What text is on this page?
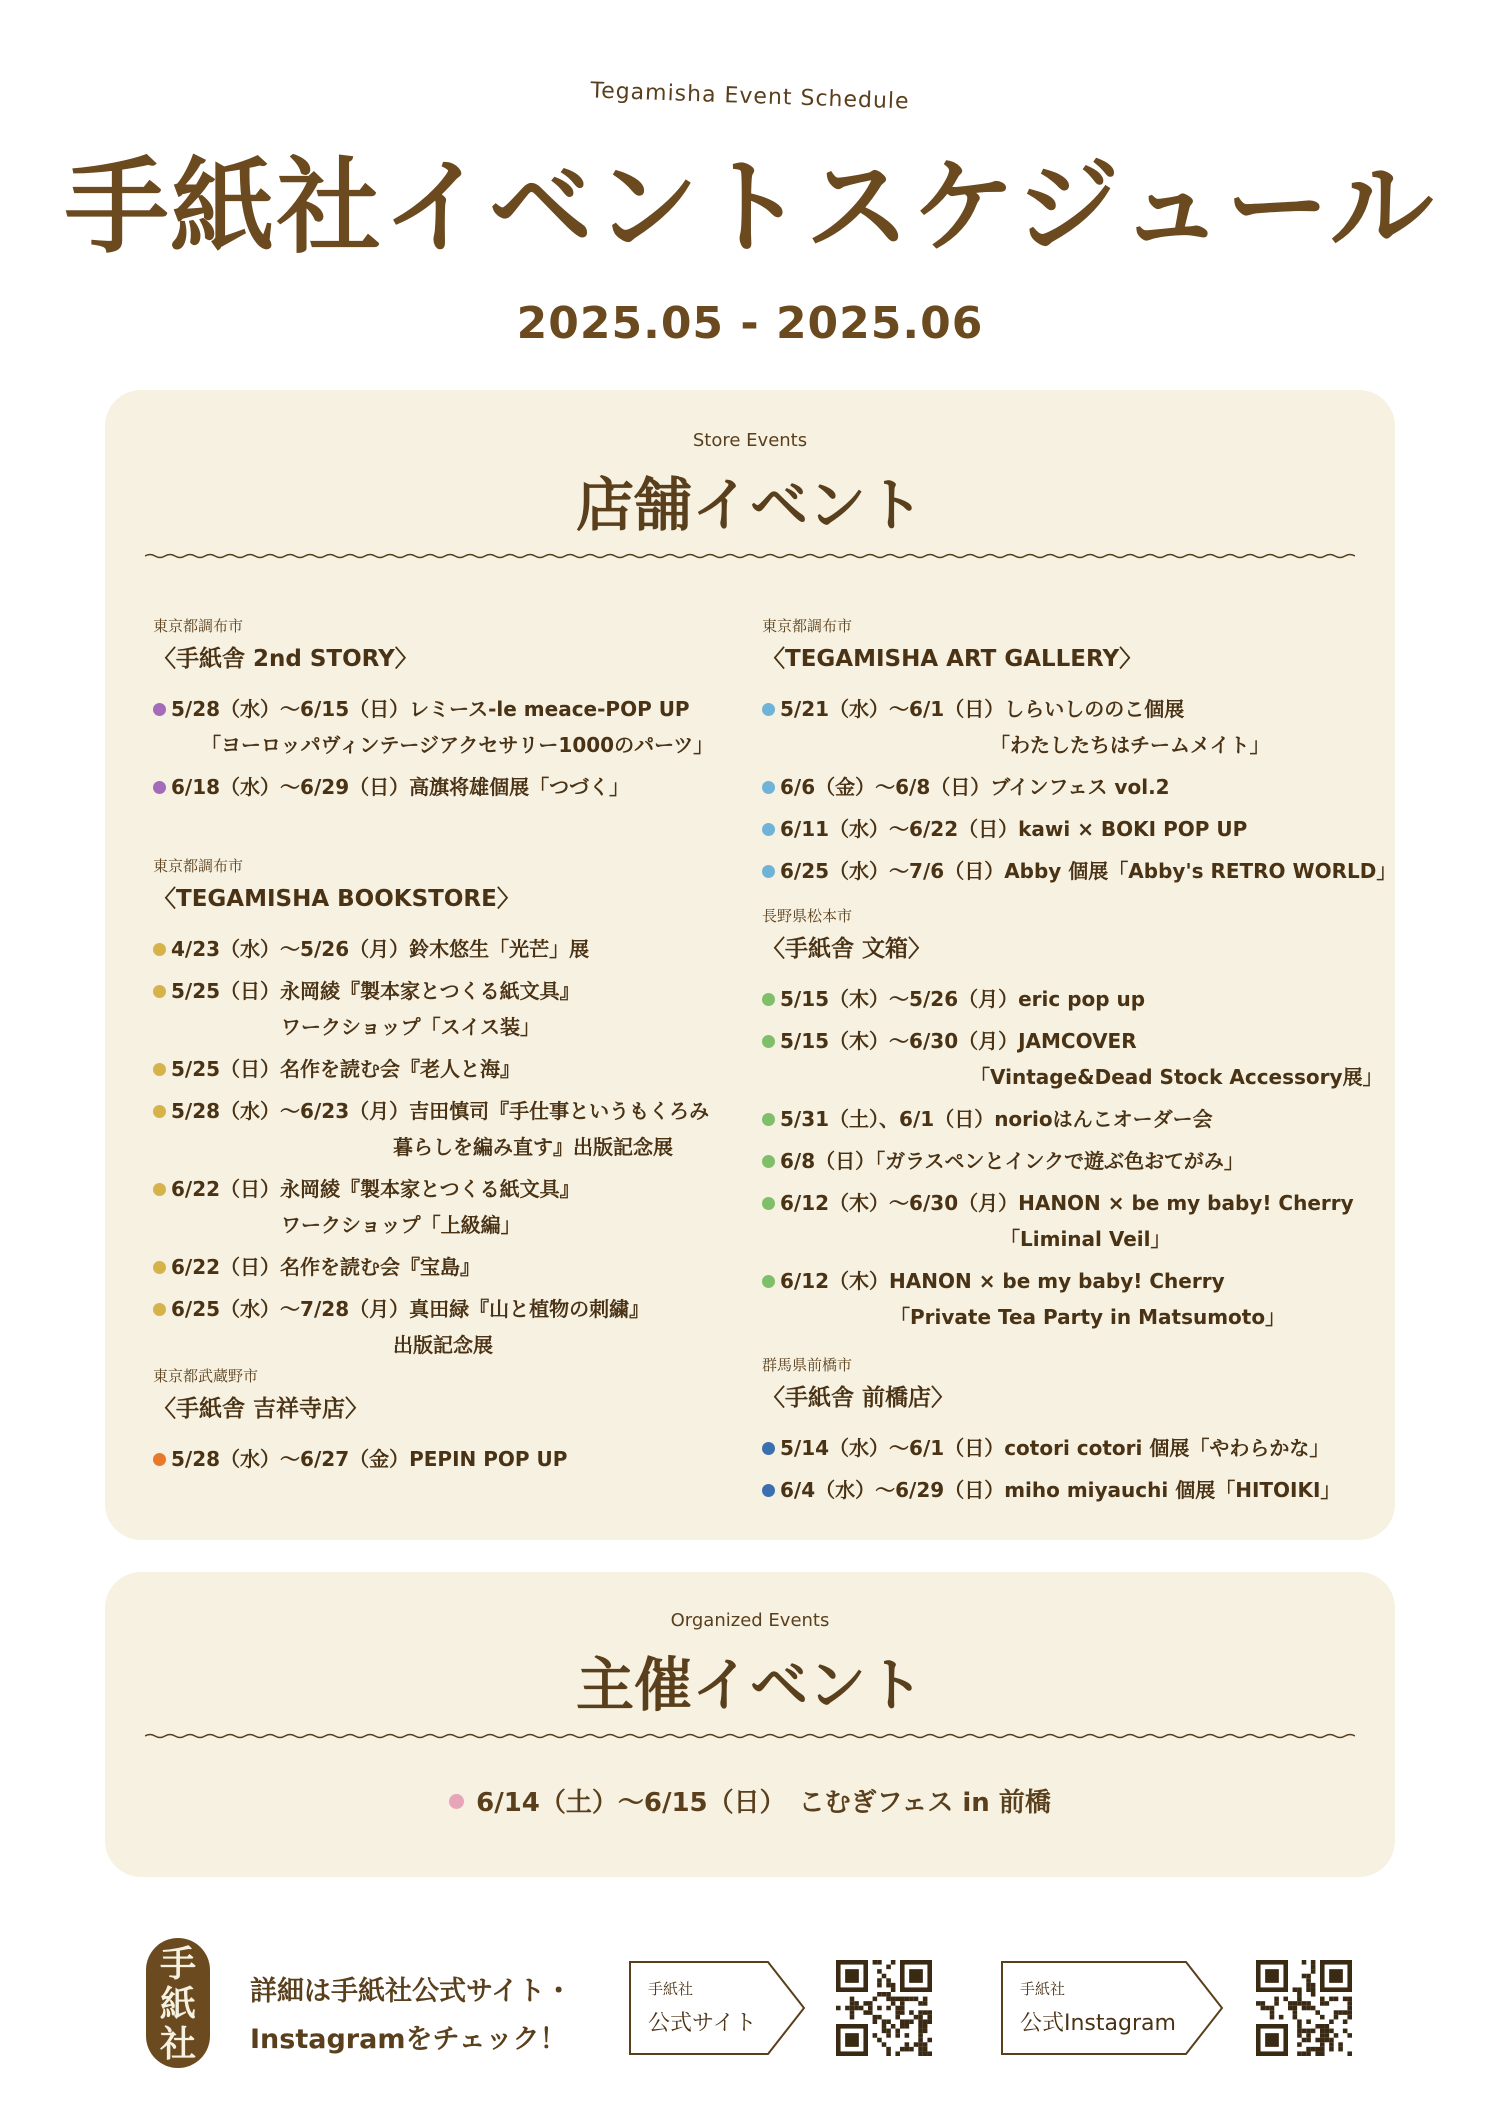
Tegamisha Event Schedule
手紙社イベントスケジュール
2025.05 - 2025.06
Store Events
店舗イベント
東京都調布市
〈手紙舎 2nd STORY〉
5/28（水）〜6/15（日）レミース-le meace-POP UP
「ヨーロッパヴィンテージアクセサリー1000のパーツ」
6/18（水）〜6/29（日）高旗将雄個展「つづく」
東京都調布市
〈TEGAMISHA BOOKSTORE〉
4/23（水）〜5/26（月）鈴木悠生「光芒」展
5/25（日）永岡綾『製本家とつくる紙文具』
ワークショップ「スイス装」
5/25（日）名作を読む会『老人と海』
5/28（水）〜6/23（月）吉田慎司『手仕事というもくろみ
暮らしを編み直す』出版記念展
6/22（日）永岡綾『製本家とつくる紙文具』
ワークショップ「上級編」
6/22（日）名作を読む会『宝島』
6/25（水）〜7/28（月）真田緑『山と植物の刺繍』
出版記念展
東京都武蔵野市
〈手紙舎 吉祥寺店〉
5/28（水）〜6/27（金）PEPIN POP UP
東京都調布市
〈TEGAMISHA ART GALLERY〉
5/21（水）〜6/1（日）しらいしののこ個展
「わたしたちはチームメイト」
6/6（金）〜6/8（日）ブインフェス vol.2
6/11（水）〜6/22（日）kawi × BOKI POP UP
6/25（水）〜7/6（日）Abby 個展「Abby's RETRO WORLD」
長野県松本市
〈手紙舎 文箱〉
5/15（木）〜5/26（月）eric pop up
5/15（木）〜6/30（月）JAMCOVER
「Vintage&Dead Stock Accessory展」
5/31（土）、6/1（日）norioはんこオーダー会
6/8（日）「ガラスペンとインクで遊ぶ色おてがみ」
6/12（木）〜6/30（月）HANON × be my baby! Cherry
「Liminal Veil」
6/12（木）HANON × be my baby! Cherry
「Private Tea Party in Matsumoto」
群馬県前橋市
〈手紙舎 前橋店〉
5/14（水）〜6/1（日）cotori cotori 個展「やわらかな」
6/4（水）〜6/29（日）miho miyauchi 個展「HITOIKI」
Organized Events
主催イベント
6/14（土）〜6/15（日）　こむぎフェス in 前橋
手紙社
詳細は手紙社公式サイト・
Instagramをチェック！
手紙社
公式サイト
手紙社
公式Instagram
